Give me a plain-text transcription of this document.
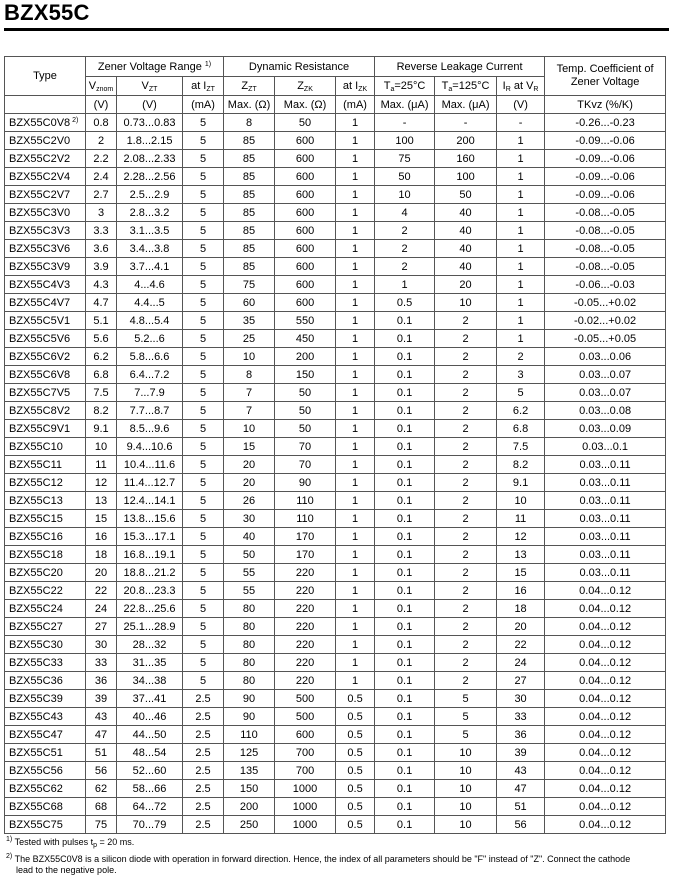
BZX55C
Type	Zener Voltage Range $^{1)}$			Dynamic Resistance			Reverse Leakage Current			Temp. Coefficient of Zener Voltage
	$V_{znom}$	$V_{ZT}$	at $I_{ZT}$	$Z_{ZT}$	$Z_{ZK}$	at $I_{ZK}$	$T_a=25^\circ C$	$T_a=125^\circ C$	$I_R$ at $V_R$
	(V)	(V)	(mA)	Max. (Ω)	Max. (Ω)	(mA)	Max. (μA)	Max. (μA)	(V)	TKvz (%/K)
BZX55C0V8 $^{2)}$	0.8	0.73...0.83	5	8	50	1	-	-	-	-0.26...-0.23
BZX55C2V0	2	1.8...2.15	5	85	600	1	100	200	1	-0.09...-0.06
BZX55C2V2	2.2	2.08...2.33	5	85	600	1	75	160	1	-0.09...-0.06
BZX55C2V4	2.4	2.28...2.56	5	85	600	1	50	100	1	-0.09...-0.06
BZX55C2V7	2.7	2.5...2.9	5	85	600	1	10	50	1	-0.09...-0.06
BZX55C3V0	3	2.8...3.2	5	85	600	1	4	40	1	-0.08...-0.05
BZX55C3V3	3.3	3.1...3.5	5	85	600	1	2	40	1	-0.08...-0.05
BZX55C3V6	3.6	3.4...3.8	5	85	600	1	2	40	1	-0.08...-0.05
BZX55C3V9	3.9	3.7...4.1	5	85	600	1	2	40	1	-0.08...-0.05
BZX55C4V3	4.3	4...4.6	5	75	600	1	1	20	1	-0.06...-0.03
BZX55C4V7	4.7	4.4...5	5	60	600	1	0.5	10	1	-0.05...+0.02
BZX55C5V1	5.1	4.8...5.4	5	35	550	1	0.1	2	1	-0.02...+0.02
BZX55C5V6	5.6	5.2...6	5	25	450	1	0.1	2	1	-0.05...+0.05
BZX55C6V2	6.2	5.8...6.6	5	10	200	1	0.1	2	2	0.03...0.06
BZX55C6V8	6.8	6.4...7.2	5	8	150	1	0.1	2	3	0.03...0.07
BZX55C7V5	7.5	7...7.9	5	7	50	1	0.1	2	5	0.03...0.07
BZX55C8V2	8.2	7.7...8.7	5	7	50	1	0.1	2	6.2	0.03...0.08
BZX55C9V1	9.1	8.5...9.6	5	10	50	1	0.1	2	6.8	0.03...0.09
BZX55C10	10	9.4...10.6	5	15	70	1	0.1	2	7.5	0.03...0.1
BZX55C11	11	10.4...11.6	5	20	70	1	0.1	2	8.2	0.03...0.11
BZX55C12	12	11.4...12.7	5	20	90	1	0.1	2	9.1	0.03...0.11
BZX55C13	13	12.4...14.1	5	26	110	1	0.1	2	10	0.03...0.11
BZX55C15	15	13.8...15.6	5	30	110	1	0.1	2	11	0.03...0.11
BZX55C16	16	15.3...17.1	5	40	170	1	0.1	2	12	0.03...0.11
BZX55C18	18	16.8...19.1	5	50	170	1	0.1	2	13	0.03...0.11
BZX55C20	20	18.8...21.2	5	55	220	1	0.1	2	15	0.03...0.11
BZX55C22	22	20.8...23.3	5	55	220	1	0.1	2	16	0.04...0.12
BZX55C24	24	22.8...25.6	5	80	220	1	0.1	2	18	0.04...0.12
BZX55C27	27	25.1...28.9	5	80	220	1	0.1	2	20	0.04...0.12
BZX55C30	30	28...32	5	80	220	1	0.1	2	22	0.04...0.12
BZX55C33	33	31...35	5	80	220	1	0.1	2	24	0.04...0.12
BZX55C36	36	34...38	5	80	220	1	0.1	2	27	0.04...0.12
BZX55C39	39	37...41	2.5	90	500	0.5	0.1	5	30	0.04...0.12
BZX55C43	43	40...46	2.5	90	500	0.5	0.1	5	33	0.04...0.12
BZX55C47	47	44...50	2.5	110	600	0.5	0.1	5	36	0.04...0.12
BZX55C51	51	48...54	2.5	125	700	0.5	0.1	10	39	0.04...0.12
BZX55C56	56	52...60	2.5	135	700	0.5	0.1	10	43	0.04...0.12
BZX55C62	62	58...66	2.5	150	1000	0.5	0.1	10	47	0.04...0.12
BZX55C68	68	64...72	2.5	200	1000	0.5	0.1	10	51	0.04...0.12
BZX55C75	75	70...79	2.5	250	1000	0.5	0.1	10	56	0.04...0.12
$^{1)}$ Tested with pulses $t_p = 20$ ms.
$^{2)}$ The BZX55C0V8 is a silicon diode with operation in forward direction. Hence, the index of all parameters should be "F" instead of "Z". Connect the cathode
lead to the negative pole.
